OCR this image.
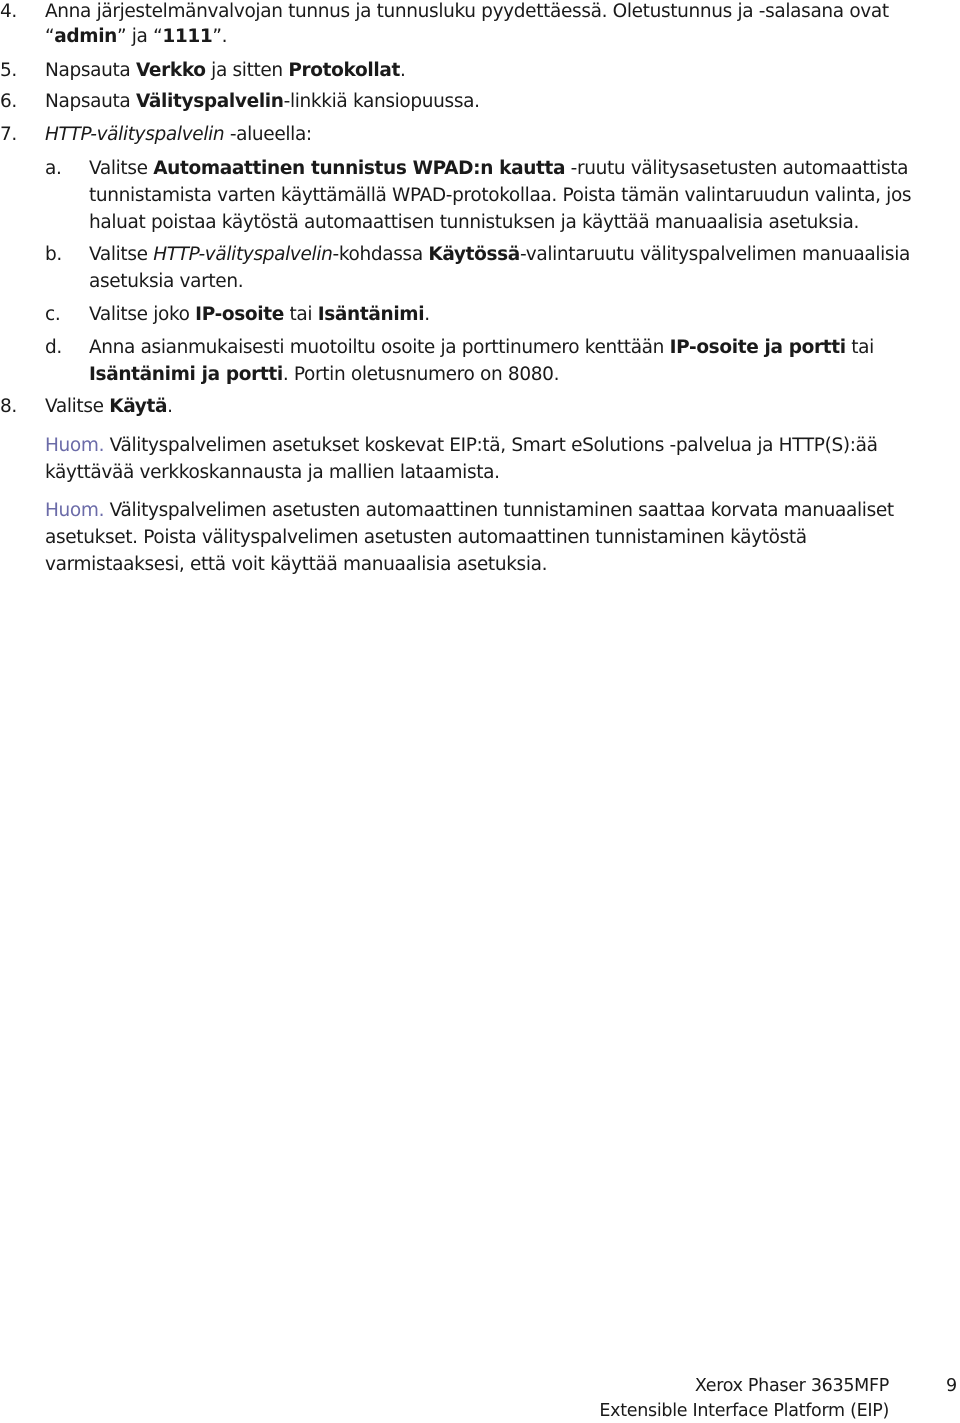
4. Anna järjestelmänvalvojan tunnus ja tunnusluku pyydettäessä. Oletustunnus ja -salasana ovat
“admin” ja “1111”.
5. Napsauta Verkko ja sitten Protokollat.
6. Napsauta Välityspalvelin-linkkiä kansiopuussa.
7. HTTP-välityspalvelin -alueella:
a. Valitse Automaattinen tunnistus WPAD:n kautta -ruutu välitysasetusten automaattista
tunnistamista varten käyttämällä WPAD-protokollaa. Poista tämän valintaruudun valinta, jos
haluat poistaa käytöstä automaattisen tunnistuksen ja käyttää manuaalisia asetuksia.
b. Valitse HTTP-välityspalvelin-kohdassa Käytössä-valintaruutu välityspalvelimen manuaalisia
asetuksia varten.
c. Valitse joko IP-osoite tai Isäntänimi.
d. Anna asianmukaisesti muotoiltu osoite ja porttinumero kenttään IP-osoite ja portti tai
Isäntänimi ja portti. Portin oletusnumero on 8080.
8. Valitse Käytä.
Huom. Välityspalvelimen asetukset koskevat EIP:tä, Smart eSolutions -palvelua ja HTTP(S):ää
käyttävää verkkoskannausta ja mallien lataamista.
Huom. Välityspalvelimen asetusten automaattinen tunnistaminen saattaa korvata manuaaliset
asetukset. Poista välityspalvelimen asetusten automaattinen tunnistaminen käytöstä
varmistaaksesi, että voit käyttää manuaalisia asetuksia.
Xerox Phaser 3635MFP
Extensible Interface Platform (EIP)
9
